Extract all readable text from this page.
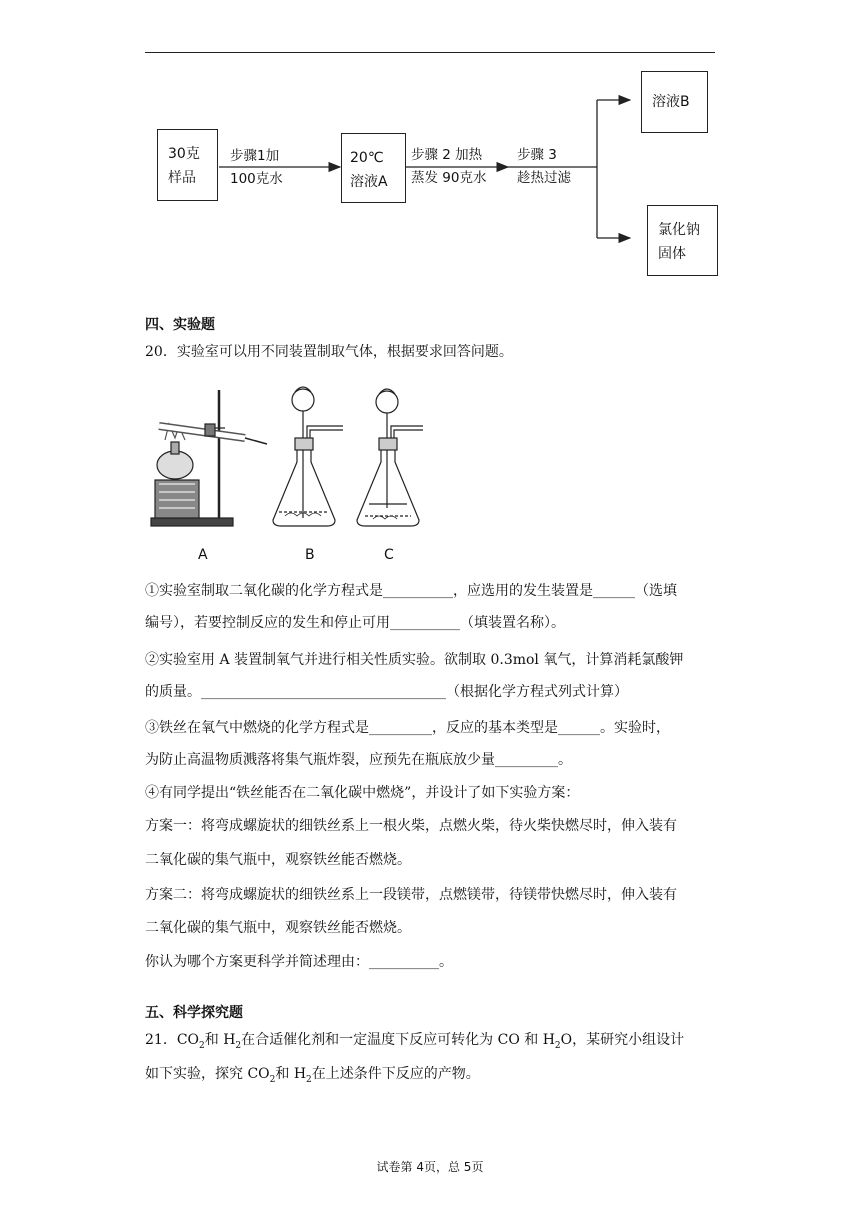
30克
样品
步骤1加
100克水
20℃
溶液A
步骤 2 加热
蒸发 90克水
步骤 3
趁热过滤
溶液B
氯化钠
固体
四、实验题
20．实验室可以用不同装置制取气体，根据要求回答问题。
A	B	C
①实验室制取二氧化碳的化学方程式是__________，应选用的发生装置是______（选填
编号），若要控制反应的发生和停止可用__________（填装置名称）。
②实验室用 A 装置制氧气并进行相关性质实验。欲制取 0.3mol 氧气，计算消耗氯酸钾
的质量。___________________________________（根据化学方程式列式计算）
③铁丝在氧气中燃烧的化学方程式是_________，反应的基本类型是______。实验时，
为防止高温物质溅落将集气瓶炸裂，应预先在瓶底放少量_________。
④有同学提出“铁丝能否在二氧化碳中燃烧”，并设计了如下实验方案：
方案一：将弯成螺旋状的细铁丝系上一根火柴，点燃火柴，待火柴快燃尽时，伸入装有
二氧化碳的集气瓶中，观察铁丝能否燃烧。
方案二：将弯成螺旋状的细铁丝系上一段镁带，点燃镁带，待镁带快燃尽时，伸入装有
二氧化碳的集气瓶中，观察铁丝能否燃烧。
你认为哪个方案更科学并简述理由：__________。
五、科学探究题
21．$CO_2$和 $H_2$在合适催化剂和一定温度下反应可转化为 CO 和 $H_2O$，某研究小组设计
如下实验，探究 $CO_2$和 $H_2$在上述条件下反应的产物。
试卷第 4页，总 5页
